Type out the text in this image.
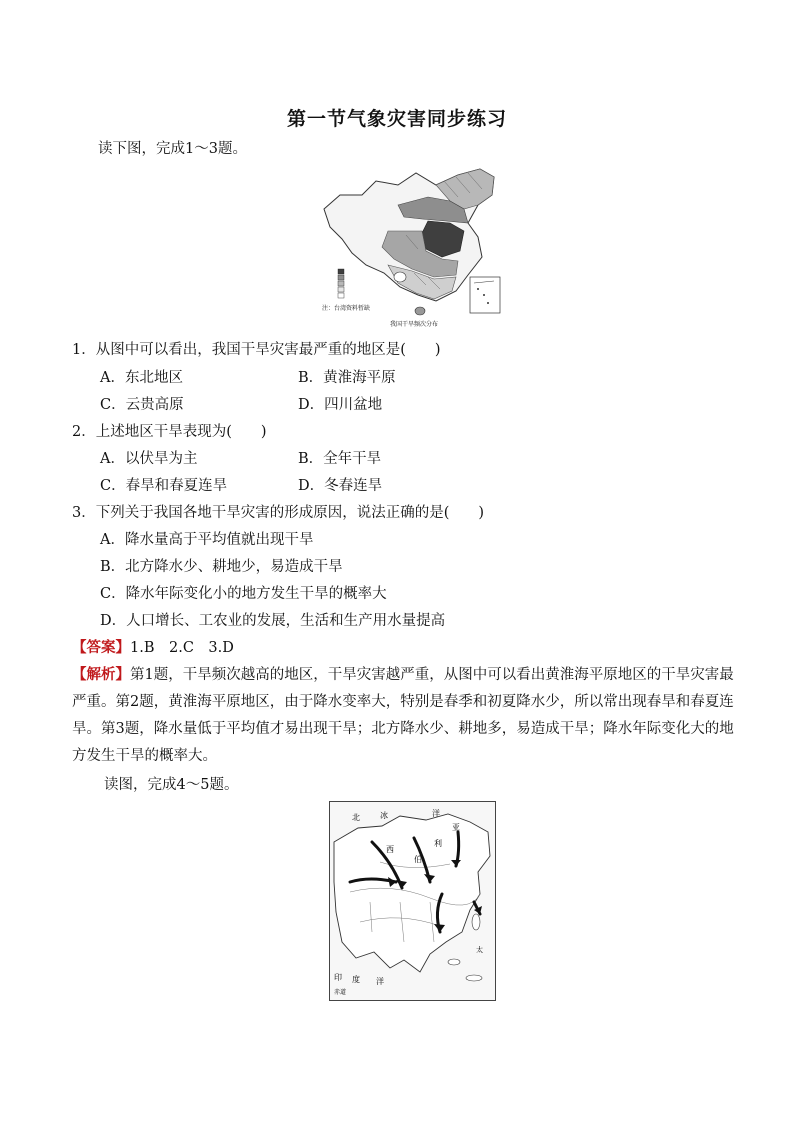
第一节气象灾害同步练习
读下图，完成1～3题。
注：台湾资料暂缺
我国干旱频次分布
1．从图中可以看出，我国干旱灾害最严重的地区是(　　)
A．东北地区	B．黄淮海平原
C．云贵高原	D．四川盆地
2．上述地区干旱表现为(　　)
A．以伏旱为主	B．全年干旱
C．春旱和春夏连旱	D．冬春连旱
3．下列关于我国各地干旱灾害的形成原因，说法正确的是(　　)
A．降水量高于平均值就出现干旱
B．北方降水少、耕地少，易造成干旱
C．降水年际变化小的地方发生干旱的概率大
D．人口增长、工农业的发展，生活和生产用水量提高
【答案】1.B　2.C　3.D
【解析】第1题，干旱频次越高的地区，干旱灾害越严重，从图中可以看出黄淮海平原地区的干旱灾害最
严重。第2题，黄淮海平原地区，由于降水变率大，特别是春季和初夏降水少，所以常出现春旱和春夏连
旱。第3题，降水量低于平均值才易出现干旱；北方降水少、耕地多，易造成干旱；降水年际变化大的地
方发生干旱的概率大。
读图，完成4～5题。
北	冰	洋
西
伯
利
亚
太
印 度 洋
赤道
